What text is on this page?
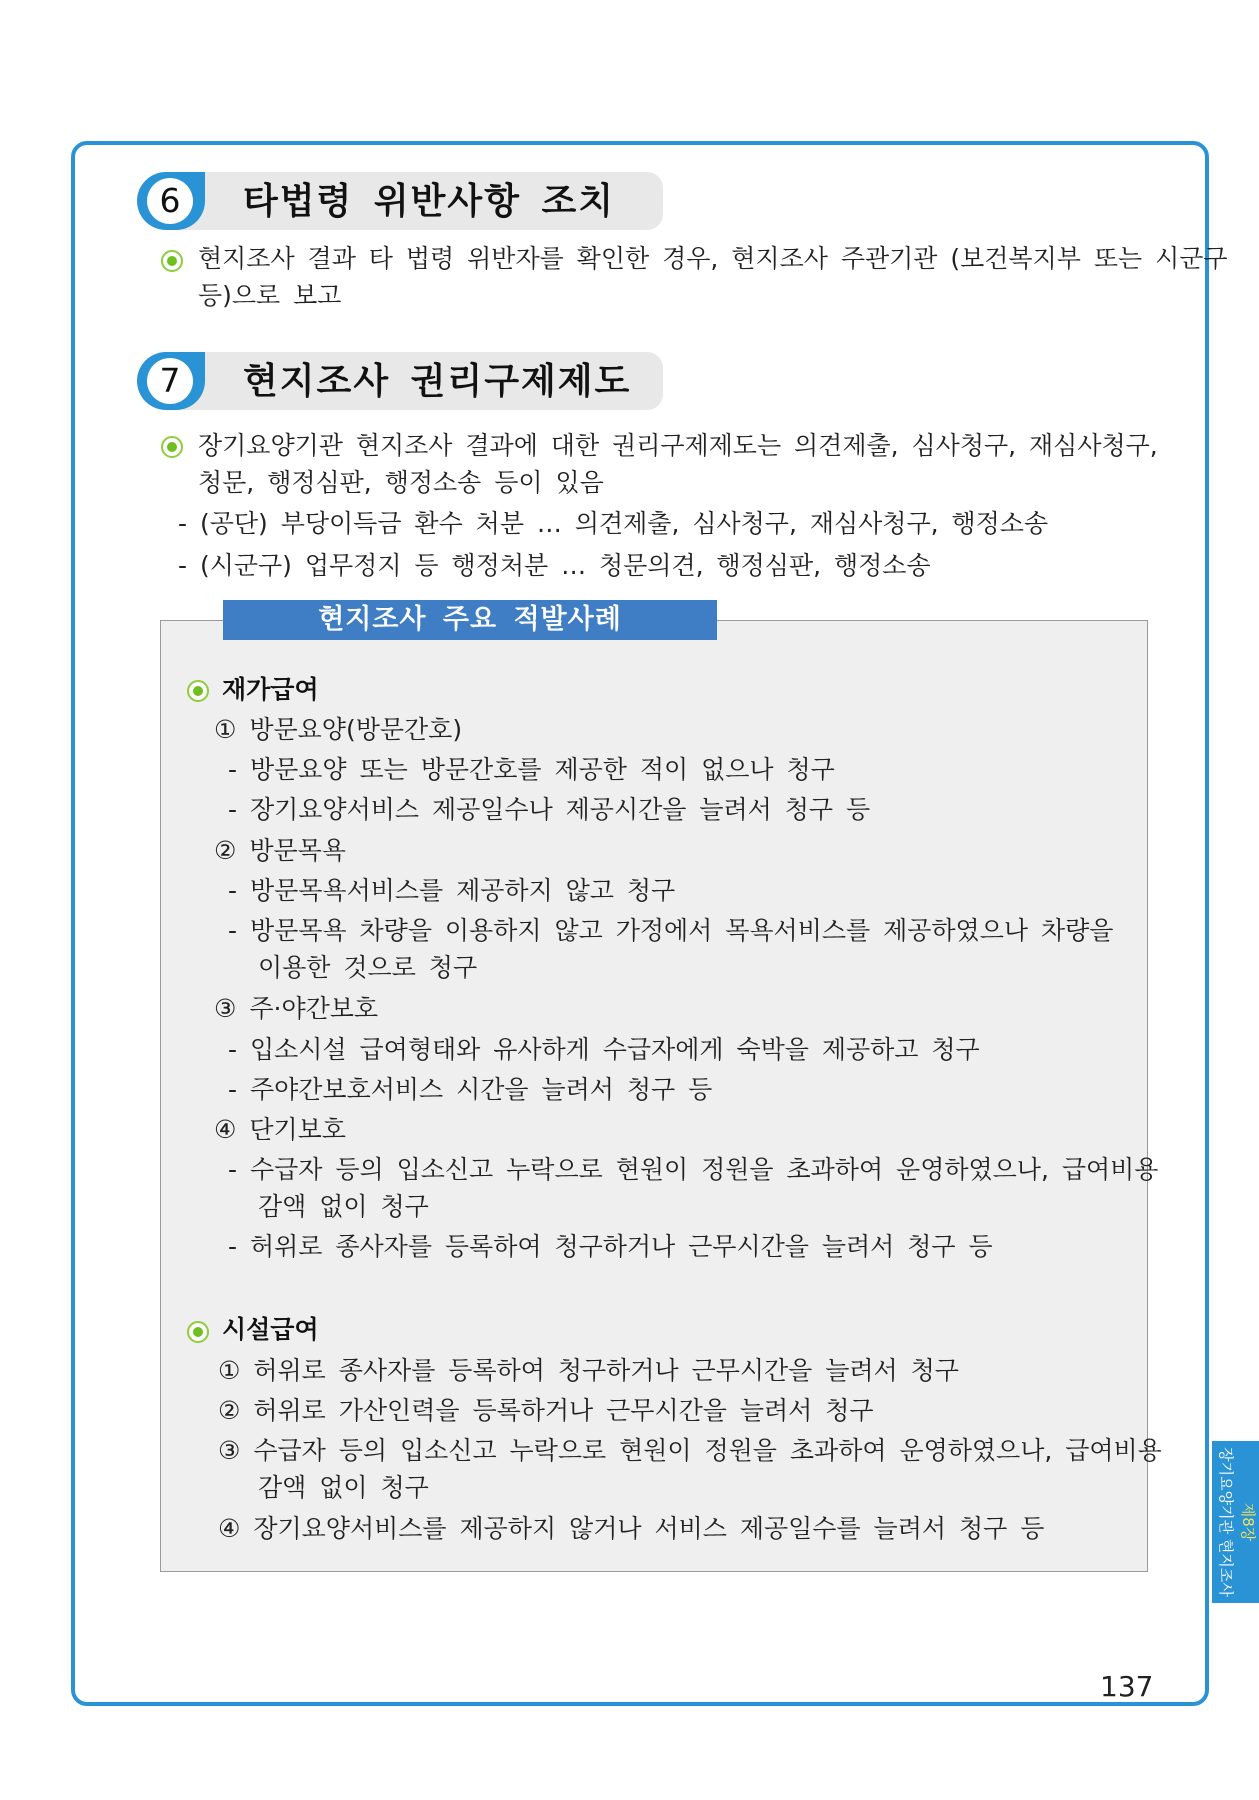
6	타법령 위반사항 조치
현지조사 결과 타 법령 위반자를 확인한 경우, 현지조사 주관기관 (보건복지부 또는 시군구
등)으로 보고
7	현지조사 권리구제제도
장기요양기관 현지조사 결과에 대한 권리구제제도는 의견제출, 심사청구, 재심사청구,
청문, 행정심판, 행정소송 등이 있음
- (공단) 부당이득금 환수 처분 … 의견제출, 심사청구, 재심사청구, 행정소송
- (시군구) 업무정지 등 행정처분 … 청문의견, 행정심판, 행정소송
현지조사 주요 적발사례
재가급여
① 방문요양(방문간호)
- 방문요양 또는 방문간호를 제공한 적이 없으나 청구
- 장기요양서비스 제공일수나 제공시간을 늘려서 청구 등
② 방문목욕
- 방문목욕서비스를 제공하지 않고 청구
- 방문목욕 차량을 이용하지 않고 가정에서 목욕서비스를 제공하였으나 차량을
이용한 것으로 청구
③ 주·야간보호
- 입소시설 급여형태와 유사하게 수급자에게 숙박을 제공하고 청구
- 주야간보호서비스 시간을 늘려서 청구 등
④ 단기보호
- 수급자 등의 입소신고 누락으로 현원이 정원을 초과하여 운영하였으나, 급여비용
감액 없이 청구
- 허위로 종사자를 등록하여 청구하거나 근무시간을 늘려서 청구 등
시설급여
① 허위로 종사자를 등록하여 청구하거나 근무시간을 늘려서 청구
② 허위로 가산인력을 등록하거나 근무시간을 늘려서 청구
③ 수급자 등의 입소신고 누락으로 현원이 정원을 초과하여 운영하였으나, 급여비용
감액 없이 청구
④ 장기요양서비스를 제공하지 않거나 서비스 제공일수를 늘려서 청구 등	제8장
장기요양기관 현지조사
137
